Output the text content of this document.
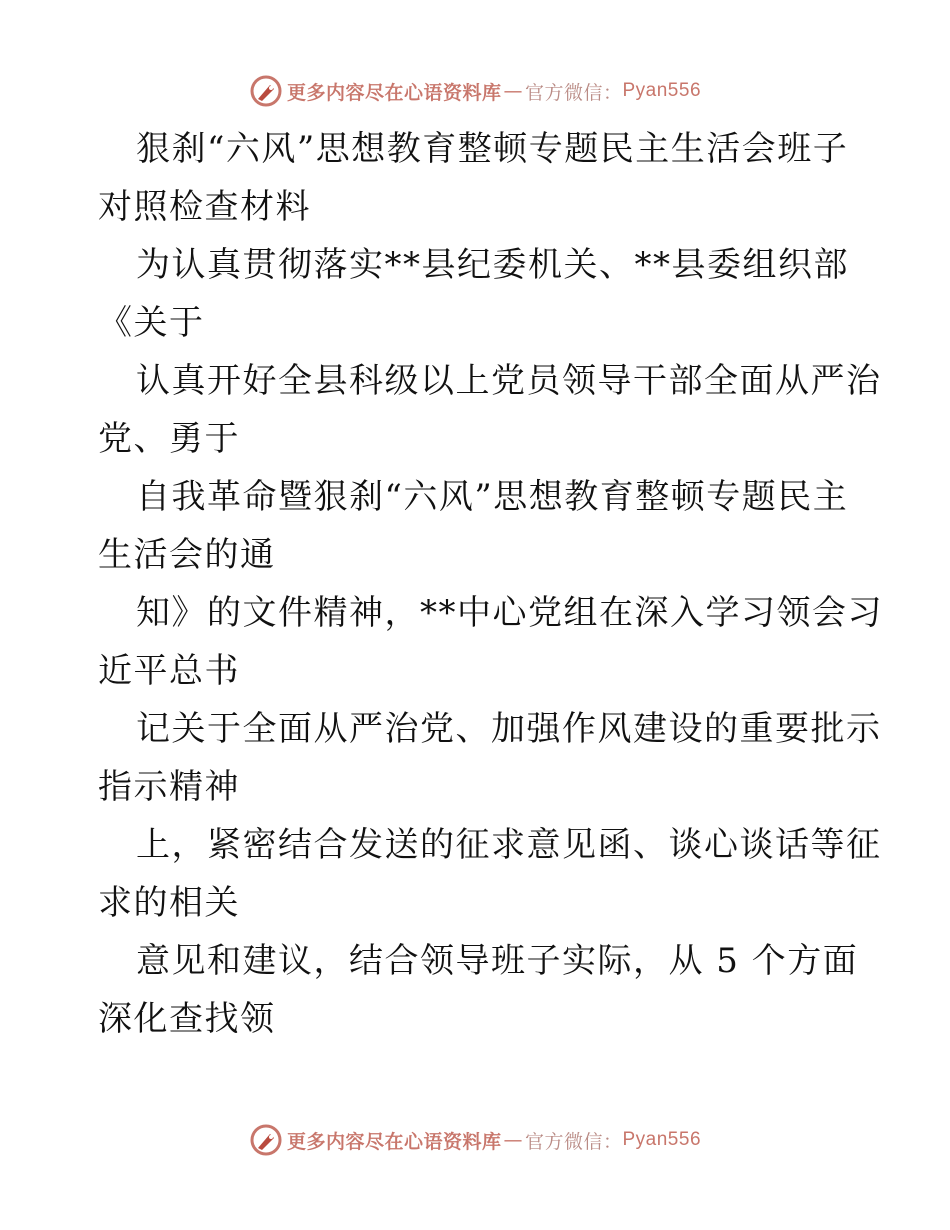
更多内容尽在心语资料库 — 官方微信： Pyan556
狠刹“六风”思想教育整顿专题民主生活会班子
对照检查材料
为认真贯彻落实**县纪委机关、**县委组织部
《关于
认真开好全县科级以上党员领导干部全面从严治
党、勇于
自我革命暨狠刹“六风”思想教育整顿专题民主
生活会的通
知》的文件精神，**中心党组在深入学习领会习
近平总书
记关于全面从严治党、加强作风建设的重要批示
指示精神
上，紧密结合发送的征求意见函、谈心谈话等征
求的相关
意见和建议，结合领导班子实际，从 5 个方面
深化查找领
更多内容尽在心语资料库 — 官方微信： Pyan556
